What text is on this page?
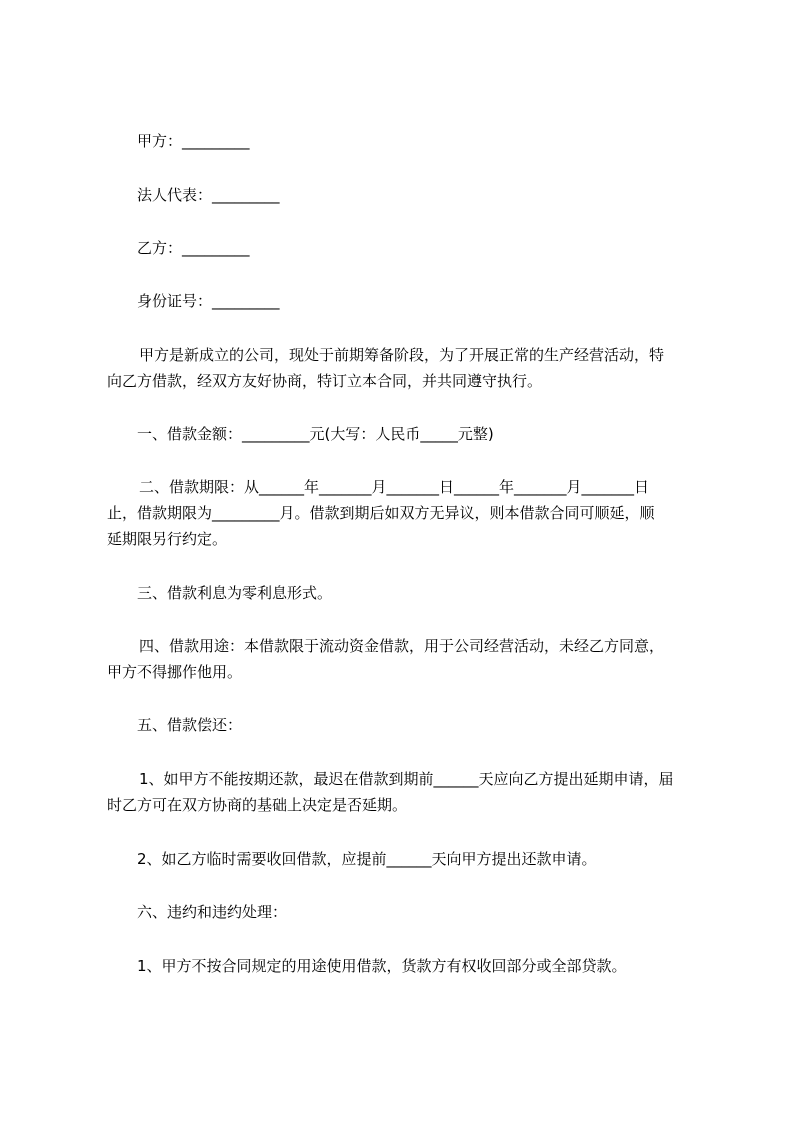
甲方：_________
法人代表：_________
乙方：_________
身份证号：_________
甲方是新成立的公司，现处于前期筹备阶段，为了开展正常的生产经营活动，特
向乙方借款，经双方友好协商，特订立本合同，并共同遵守执行。
一、借款金额：_________元(大写：人民币_____元整)
二、借款期限：从______年_______月_______日______年_______月_______日
止，借款期限为_________月。借款到期后如双方无异议，则本借款合同可顺延，顺
延期限另行约定。
三、借款利息为零利息形式。
四、借款用途：本借款限于流动资金借款，用于公司经营活动，未经乙方同意，
甲方不得挪作他用。
五、借款偿还：
1、如甲方不能按期还款，最迟在借款到期前______天应向乙方提出延期申请，届
时乙方可在双方协商的基础上决定是否延期。
2、如乙方临时需要收回借款，应提前______天向甲方提出还款申请。
六、违约和违约处理：
1、甲方不按合同规定的用途使用借款，货款方有权收回部分或全部贷款。
